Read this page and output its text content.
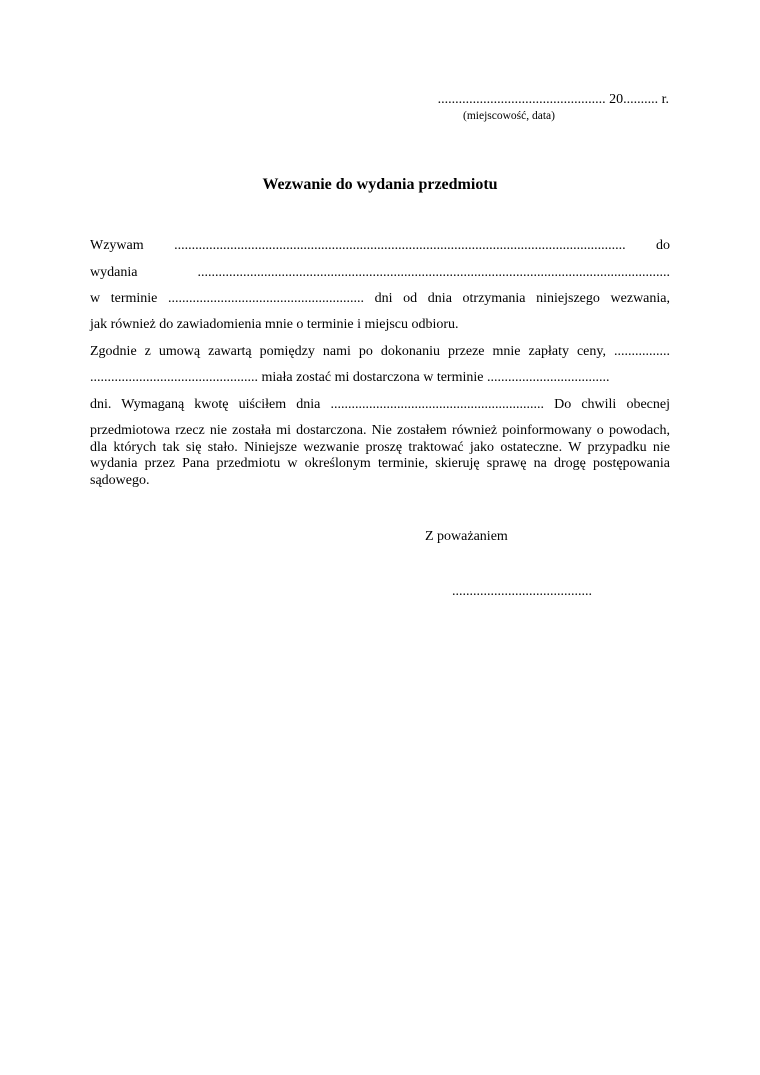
................................................ 20.......... r.
(miejscowość, data)
Wezwanie do wydania przedmiotu
Wzywam ................................................................................................................................. do
wydania .......................................................................................................................................
w terminie ........................................................ dni od dnia otrzymania niniejszego wezwania,
jak również do zawiadomienia mnie o terminie i miejscu odbioru.
Zgodnie z umową zawartą pomiędzy nami po dokonaniu przeze mnie zapłaty ceny, ................
................................................ miała zostać mi dostarczona w terminie ...................................
dni. Wymaganą kwotę uiściłem dnia ............................................................. Do chwili obecnej
przedmiotowa rzecz nie została mi dostarczona. Nie zostałem również poinformowany o powodach, dla których tak się stało. Niniejsze wezwanie proszę traktować jako ostateczne. W przypadku nie wydania przez Pana przedmiotu w określonym terminie, skieruję sprawę na drogę postępowania sądowego.
Z poważaniem
........................................
